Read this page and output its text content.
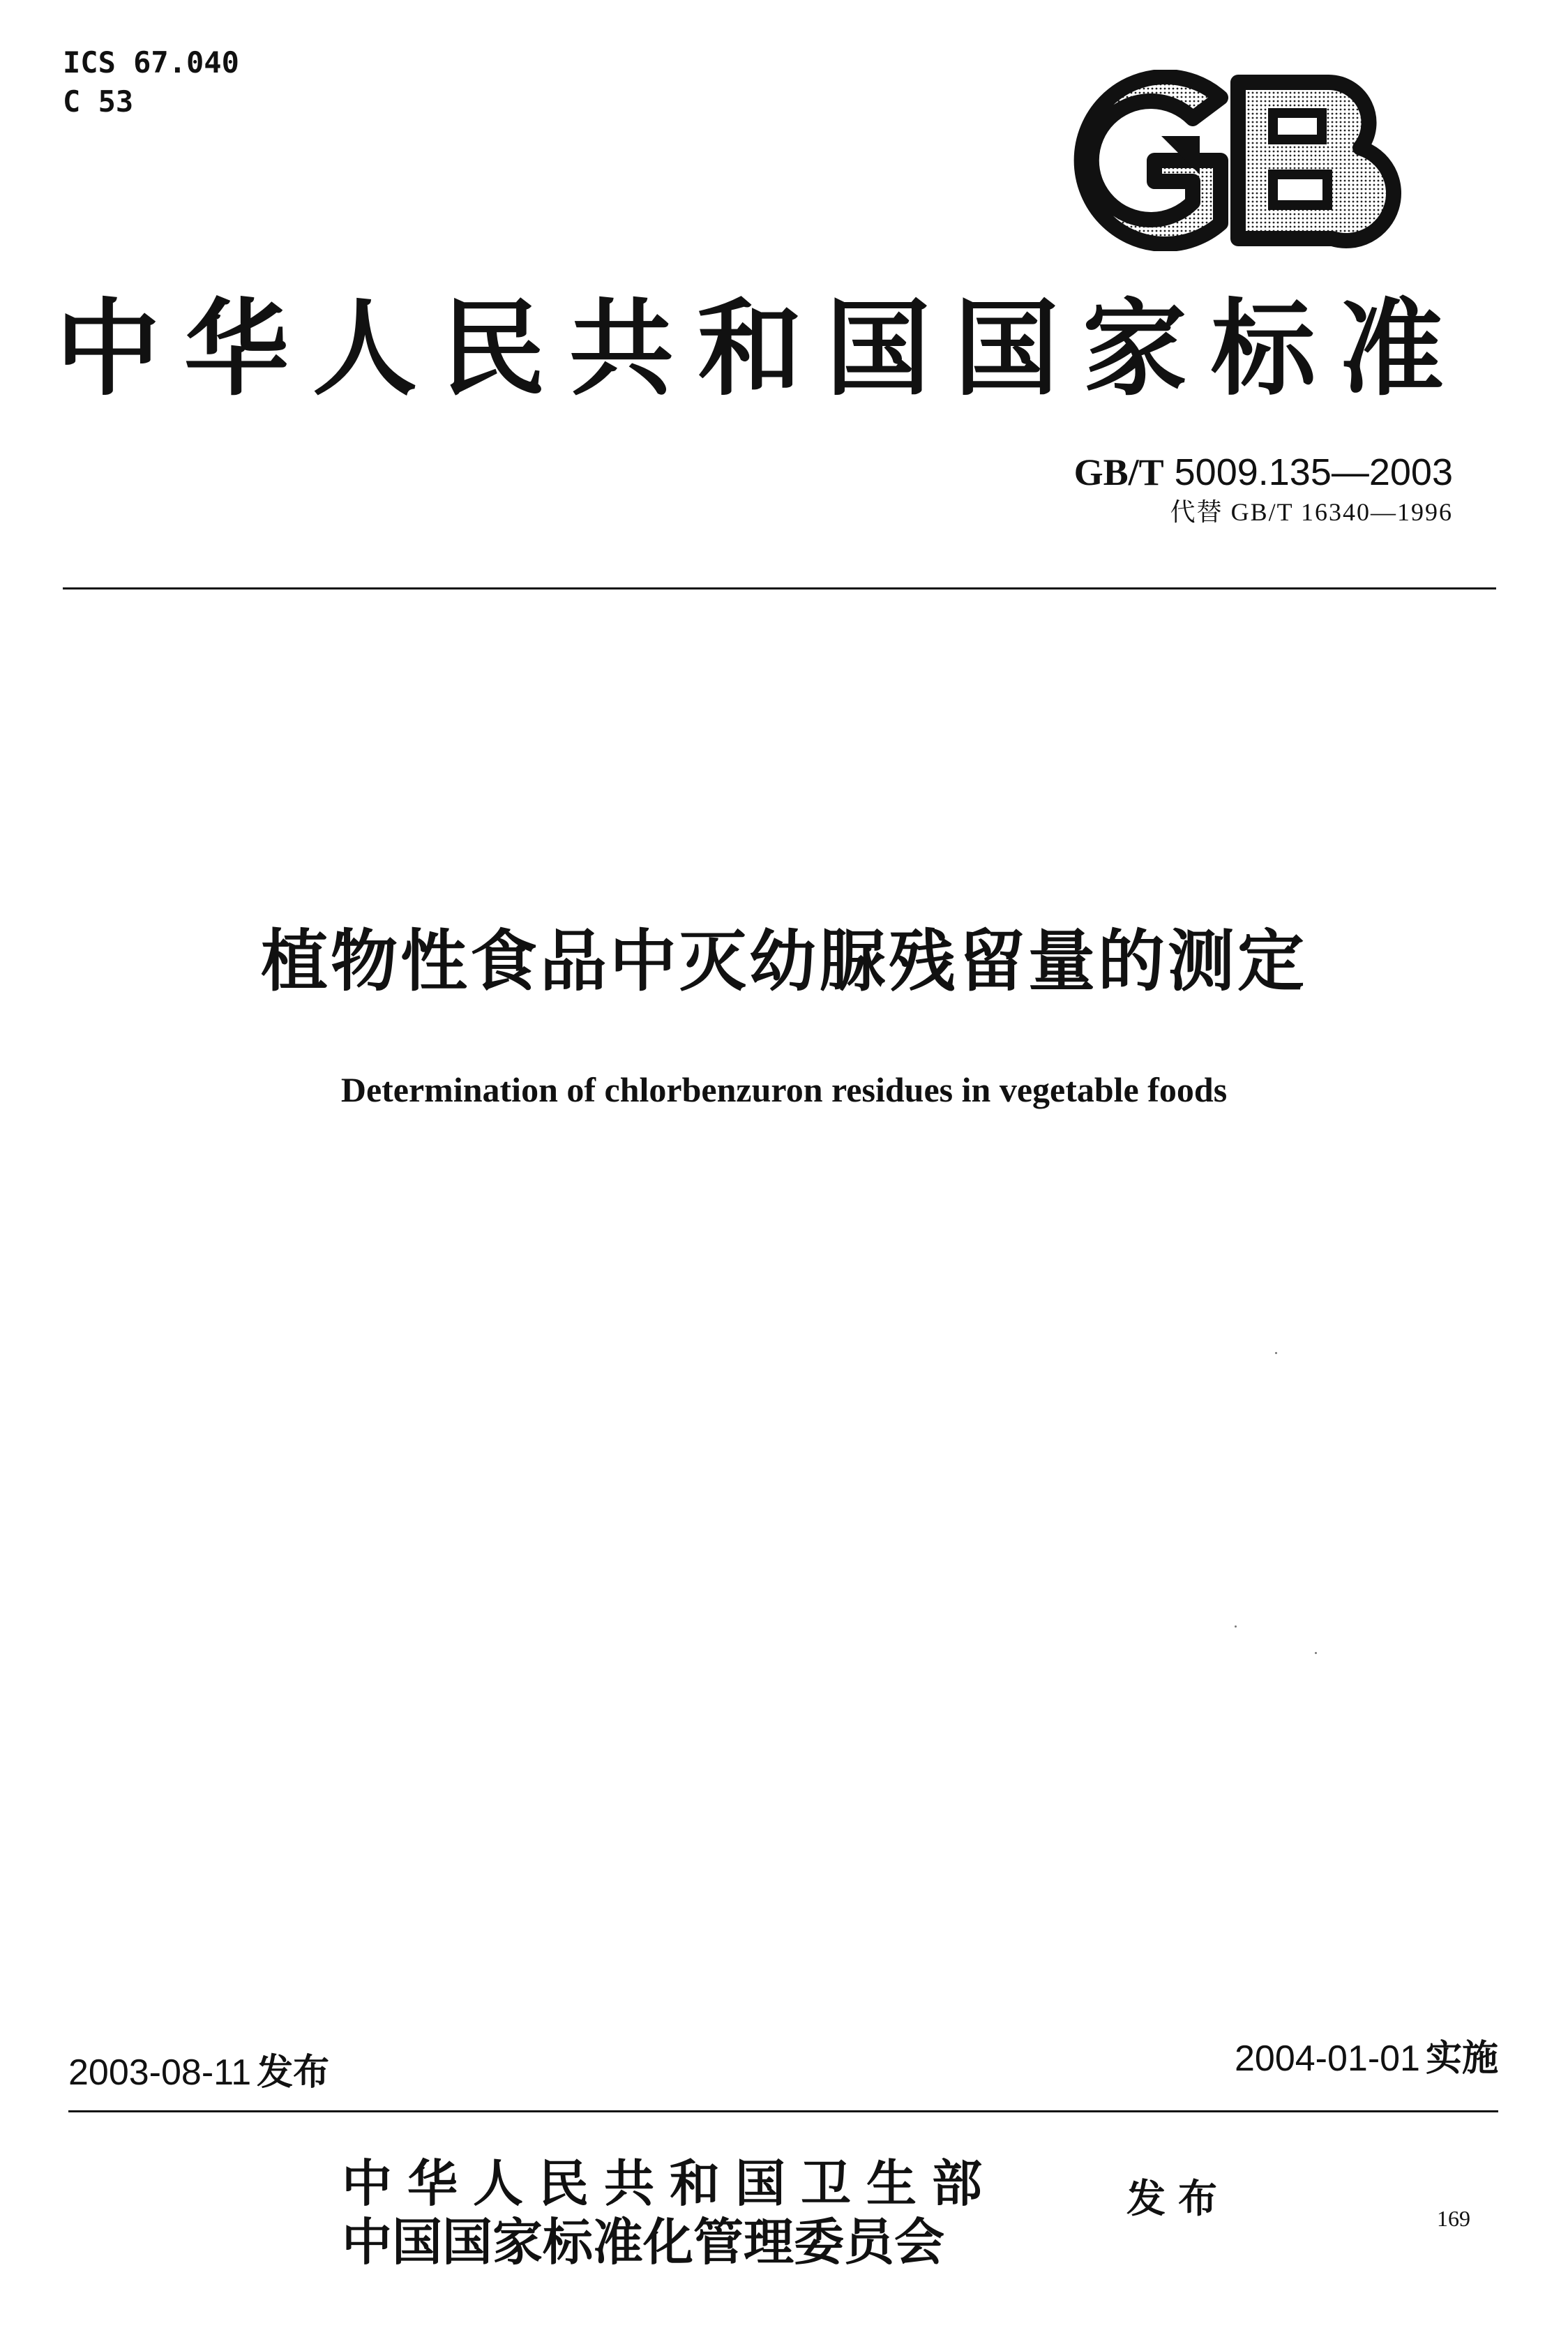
ICS 67.040
C 53
中华人民共和国国家标准
GB/T 5009.135—2003
代替 GB/T 16340—1996
植物性食品中灭幼脲残留量的测定
Determination of chlorbenzuron residues in vegetable foods
2003-08-11 发布	2004-01-01 实施
中华人民共和国卫生部
中国国家标准化管理委员会
发布	169
